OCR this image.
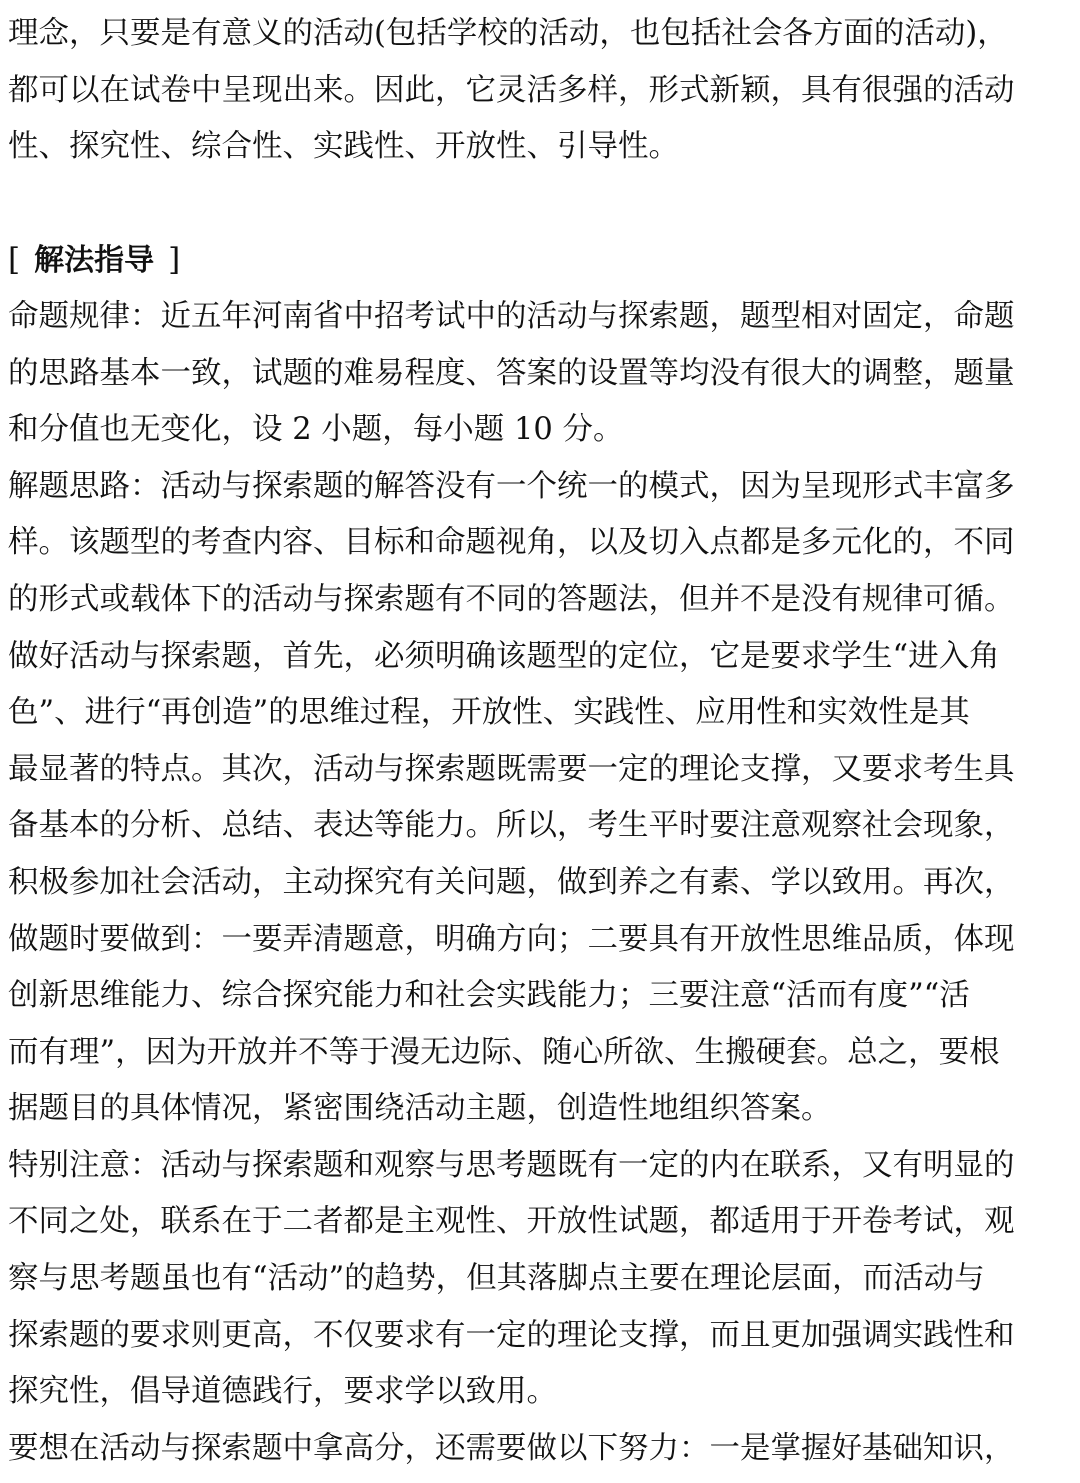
理念，只要是有意义的活动(包括学校的活动，也包括社会各方面的活动)，
都可以在试卷中呈现出来。因此，它灵活多样，形式新颖，具有很强的活动
性、探究性、综合性、实践性、开放性、引导性。
[ 解法指导 ]
命题规律：近五年河南省中招考试中的活动与探索题，题型相对固定，命题
的思路基本一致，试题的难易程度、答案的设置等均没有很大的调整，题量
和分值也无变化，设 2 小题，每小题 10 分。
解题思路：活动与探索题的解答没有一个统一的模式，因为呈现形式丰富多
样。该题型的考查内容、目标和命题视角，以及切入点都是多元化的，不同
的形式或载体下的活动与探索题有不同的答题法，但并不是没有规律可循。
做好活动与探索题，首先，必须明确该题型的定位，它是要求学生“进入角
色”、进行“再创造”的思维过程，开放性、实践性、应用性和实效性是其
最显著的特点。其次，活动与探索题既需要一定的理论支撑，又要求考生具
备基本的分析、总结、表达等能力。所以，考生平时要注意观察社会现象，
积极参加社会活动，主动探究有关问题，做到养之有素、学以致用。再次，
做题时要做到：一要弄清题意，明确方向；二要具有开放性思维品质，体现
创新思维能力、综合探究能力和社会实践能力；三要注意“活而有度”“活
而有理”，因为开放并不等于漫无边际、随心所欲、生搬硬套。总之，要根
据题目的具体情况，紧密围绕活动主题，创造性地组织答案。
特别注意：活动与探索题和观察与思考题既有一定的内在联系，又有明显的
不同之处，联系在于二者都是主观性、开放性试题，都适用于开卷考试，观
察与思考题虽也有“活动”的趋势，但其落脚点主要在理论层面，而活动与
探索题的要求则更高，不仅要求有一定的理论支撑，而且更加强调实践性和
探究性，倡导道德践行，要求学以致用。
要想在活动与探索题中拿高分，还需要做以下努力：一是掌握好基础知识，
